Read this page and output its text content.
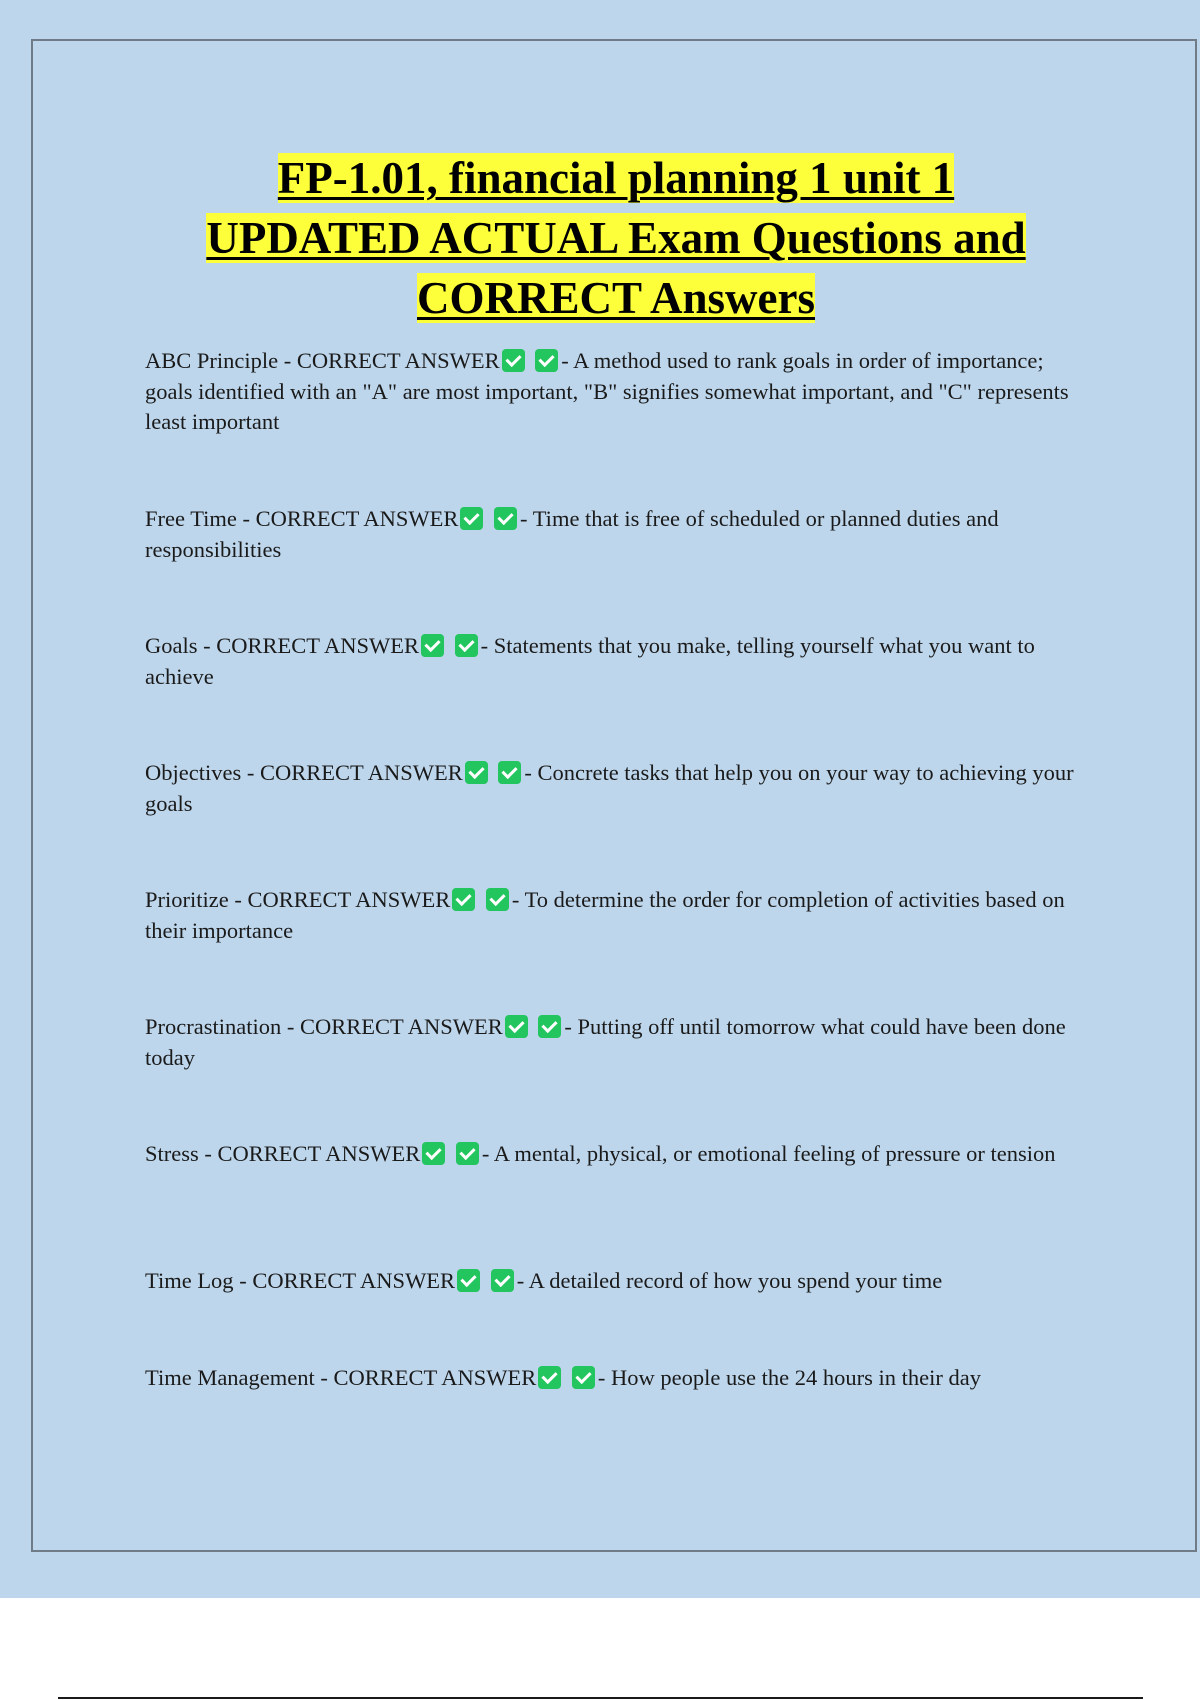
FP-1.01, financial planning 1 unit 1
UPDATED ACTUAL Exam Questions and
CORRECT Answers

ABC Principle - CORRECT ANSWER	- A method used to rank goals in order of importance; goals identified with an "A" are most important, "B" signifies somewhat important, and "C" represents least important

Free Time - CORRECT ANSWER	- Time that is free of scheduled or planned duties and responsibilities

Goals - CORRECT ANSWER	- Statements that you make, telling yourself what you want to achieve

Objectives - CORRECT ANSWER	- Concrete tasks that help you on your way to achieving your goals

Prioritize - CORRECT ANSWER	- To determine the order for completion of activities based on their importance

Procrastination - CORRECT ANSWER	- Putting off until tomorrow what could have been done today

Stress - CORRECT ANSWER	- A mental, physical, or emotional feeling of pressure or tension

Time Log - CORRECT ANSWER	- A detailed record of how you spend your time

Time Management - CORRECT ANSWER	- How people use the 24 hours in their day
